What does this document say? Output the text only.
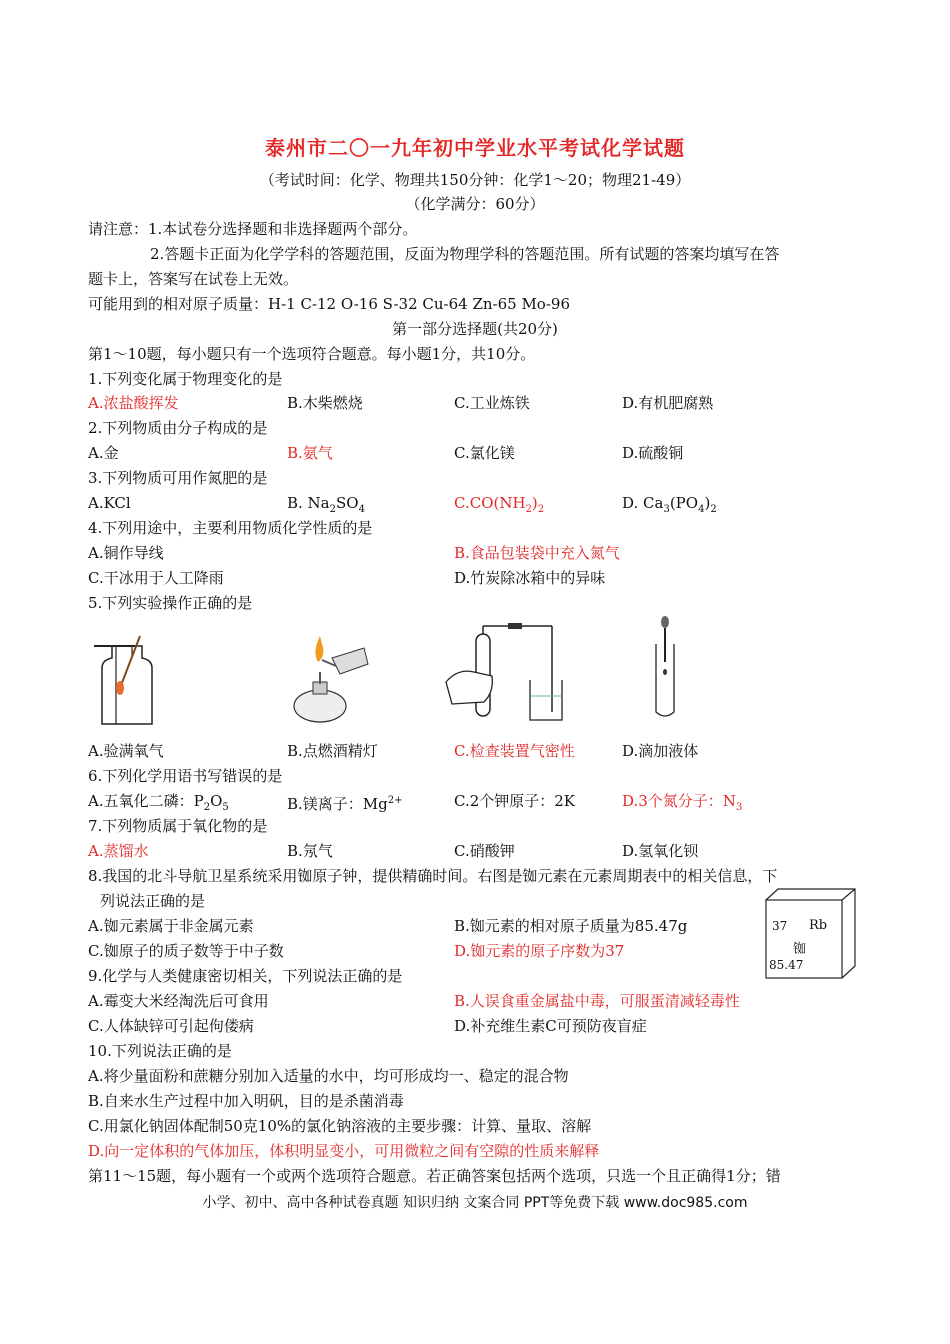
泰州市二〇一九年初中学业水平考试化学试题
（考试时间：化学、物理共150分钟：化学1～20；物理21-49）
（化学满分：60分）
请注意：1.本试卷分选择题和非选择题两个部分。
2.答题卡正面为化学学科的答题范围，反面为物理学科的答题范围。所有试题的答案均填写在答
题卡上，答案写在试卷上无效。
可能用到的相对原子质量：H-1 C-12 O-16 S-32 Cu-64 Zn-65 Mo-96
第一部分选择题(共20分)
第1～10题，每小题只有一个选项符合题意。每小题1分，共10分。
1.下列变化属于物理变化的是
A.浓盐酸挥发	B.木柴燃烧	C.工业炼铁	D.有机肥腐熟
2.下列物质由分子构成的是
A.金	B.氨气	C.氯化镁	D.硫酸铜
3.下列物质可用作氮肥的是
A.KCl	B. $Na_2SO_4$	$C.CO(NH_2)_2$	D. $Ca_3(PO_4)_2$
4.下列用途中，主要利用物质化学性质的是
A.铜作导线	B.食品包装袋中充入氮气
C.干冰用于人工降雨	D.竹炭除冰箱中的异味
5.下列实验操作正确的是
A.验满氧气	B.点燃酒精灯	C.检查装置气密性	D.滴加液体
6.下列化学用语书写错误的是
A.五氧化二磷：$P_2O_5$	B.镁离子：$Mg^{2+}$	C.2个钾原子：2K	D.3个氮分子：$N_3$
7.下列物质属于氧化物的是
A.蒸馏水	B.氖气	C.硝酸钾	D.氢氧化钡
8.我国的北斗导航卫星系统采用铷原子钟，提供精确时间。右图是铷元素在元素周期表中的相关信息，下
列说法正确的是
A.铷元素属于非金属元素	B.铷元素的相对原子质量为85.47g
C.铷原子的质子数等于中子数	D.铷元素的原子序数为37
37 Rb
铷
85.47
9.化学与人类健康密切相关，下列说法正确的是
A.霉变大米经淘洗后可食用	B.人误食重金属盐中毒，可服蛋清减轻毒性
C.人体缺锌可引起佝偻病	D.补充维生素C可预防夜盲症
10.下列说法正确的是
A.将少量面粉和蔗糖分别加入适量的水中，均可形成均一、稳定的混合物
B.自来水生产过程中加入明矾，目的是杀菌消毒
C.用氯化钠固体配制50克10%的氯化钠溶液的主要步骤：计算、量取、溶解
D.向一定体积的气体加压，体积明显变小，可用微粒之间有空隙的性质来解释
第11～15题，每小题有一个或两个选项符合题意。若正确答案包括两个选项，只选一个且正确得1分；错
小学、初中、高中各种试卷真题 知识归纳 文案合同 PPT等免费下载 www.doc985.com
